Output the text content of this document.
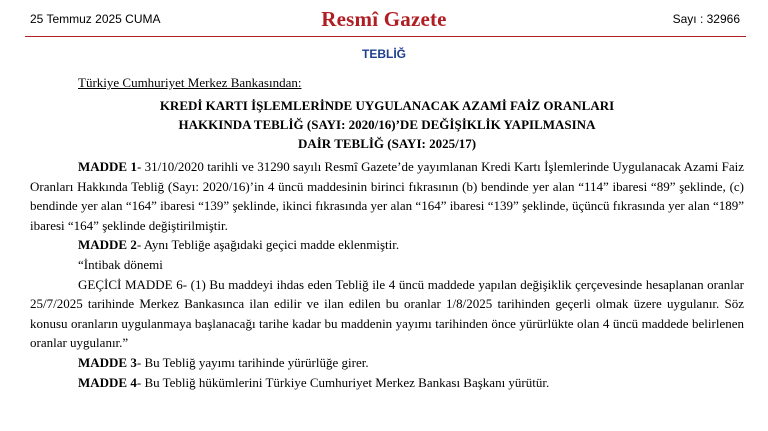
25 Temmuz 2025 CUMA	Resmî Gazete	Sayı : 32966
TEBLİĞ
Türkiye Cumhuriyet Merkez Bankasından:
KREDİ KARTI İŞLEMLERİNDE UYGULANACAK AZAMİ FAİZ ORANLARI
HAKKINDA TEBLİĞ (SAYI: 2020/16)’DE DEĞİŞİKLİK YAPILMASINA
DAİR TEBLİĞ (SAYI: 2025/17)

MADDE 1- 31/10/2020 tarihli ve 31290 sayılı Resmî Gazete’de yayımlanan Kredi Kartı İşlemlerinde Uygulanacak Azami Faiz Oranları Hakkında Tebliğ (Sayı: 2020/16)’in 4 üncü maddesinin birinci fıkrasının (b) bendinde yer alan “114” ibaresi “89” şeklinde, (c) bendinde yer alan “164” ibaresi “139” şeklinde, ikinci fıkrasında yer alan “164” ibaresi “139” şeklinde, üçüncü fıkrasında yer alan “189” ibaresi “164” şeklinde değiştirilmiştir.

MADDE 2- Aynı Tebliğe aşağıdaki geçici madde eklenmiştir.

“İntibak dönemi

GEÇİCİ MADDE 6- (1) Bu maddeyi ihdas eden Tebliğ ile 4 üncü maddede yapılan değişiklik çerçevesinde hesaplanan oranlar 25/7/2025 tarihinde Merkez Bankasınca ilan edilir ve ilan edilen bu oranlar 1/8/2025 tarihinden geçerli olmak üzere uygulanır. Söz konusu oranların uygulanmaya başlanacağı tarihe kadar bu maddenin yayımı tarihinden önce yürürlükte olan 4 üncü maddede belirlenen oranlar uygulanır.”

MADDE 3- Bu Tebliğ yayımı tarihinde yürürlüğe girer.

MADDE 4- Bu Tebliğ hükümlerini Türkiye Cumhuriyet Merkez Bankası Başkanı yürütür.
